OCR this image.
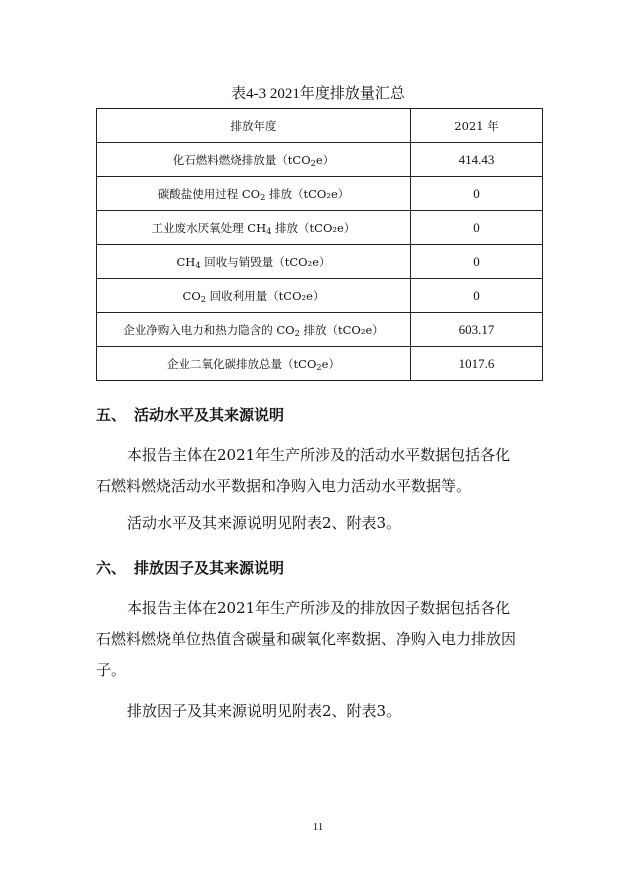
表4-3 2021年度排放量汇总
排放年度	2021 年
化石燃料燃烧排放量（tCO$_2$e）	414.43
碳酸盐使用过程 $CO_2$ 排放（tCO₂e）	0
工业废水厌氧处理 $CH_4$ 排放（tCO₂e）	0
$CH_4$ 回收与销毁量（tCO₂e）	0
$CO_2$ 回收利用量（tCO₂e）	0
企业净购入电力和热力隐含的 $CO_2$ 排放（tCO₂e）	603.17
企业二氧化碳排放总量（tCO$_2$e）	1017.6
五、 活动水平及其来源说明
本报告主体在2021年生产所涉及的活动水平数据包括各化
石燃料燃烧活动水平数据和净购入电力活动水平数据等。
活动水平及其来源说明见附表2、附表3。
六、 排放因子及其来源说明
本报告主体在2021年生产所涉及的排放因子数据包括各化
石燃料燃烧单位热值含碳量和碳氧化率数据、净购入电力排放因
子。
排放因子及其来源说明见附表2、附表3。
11
